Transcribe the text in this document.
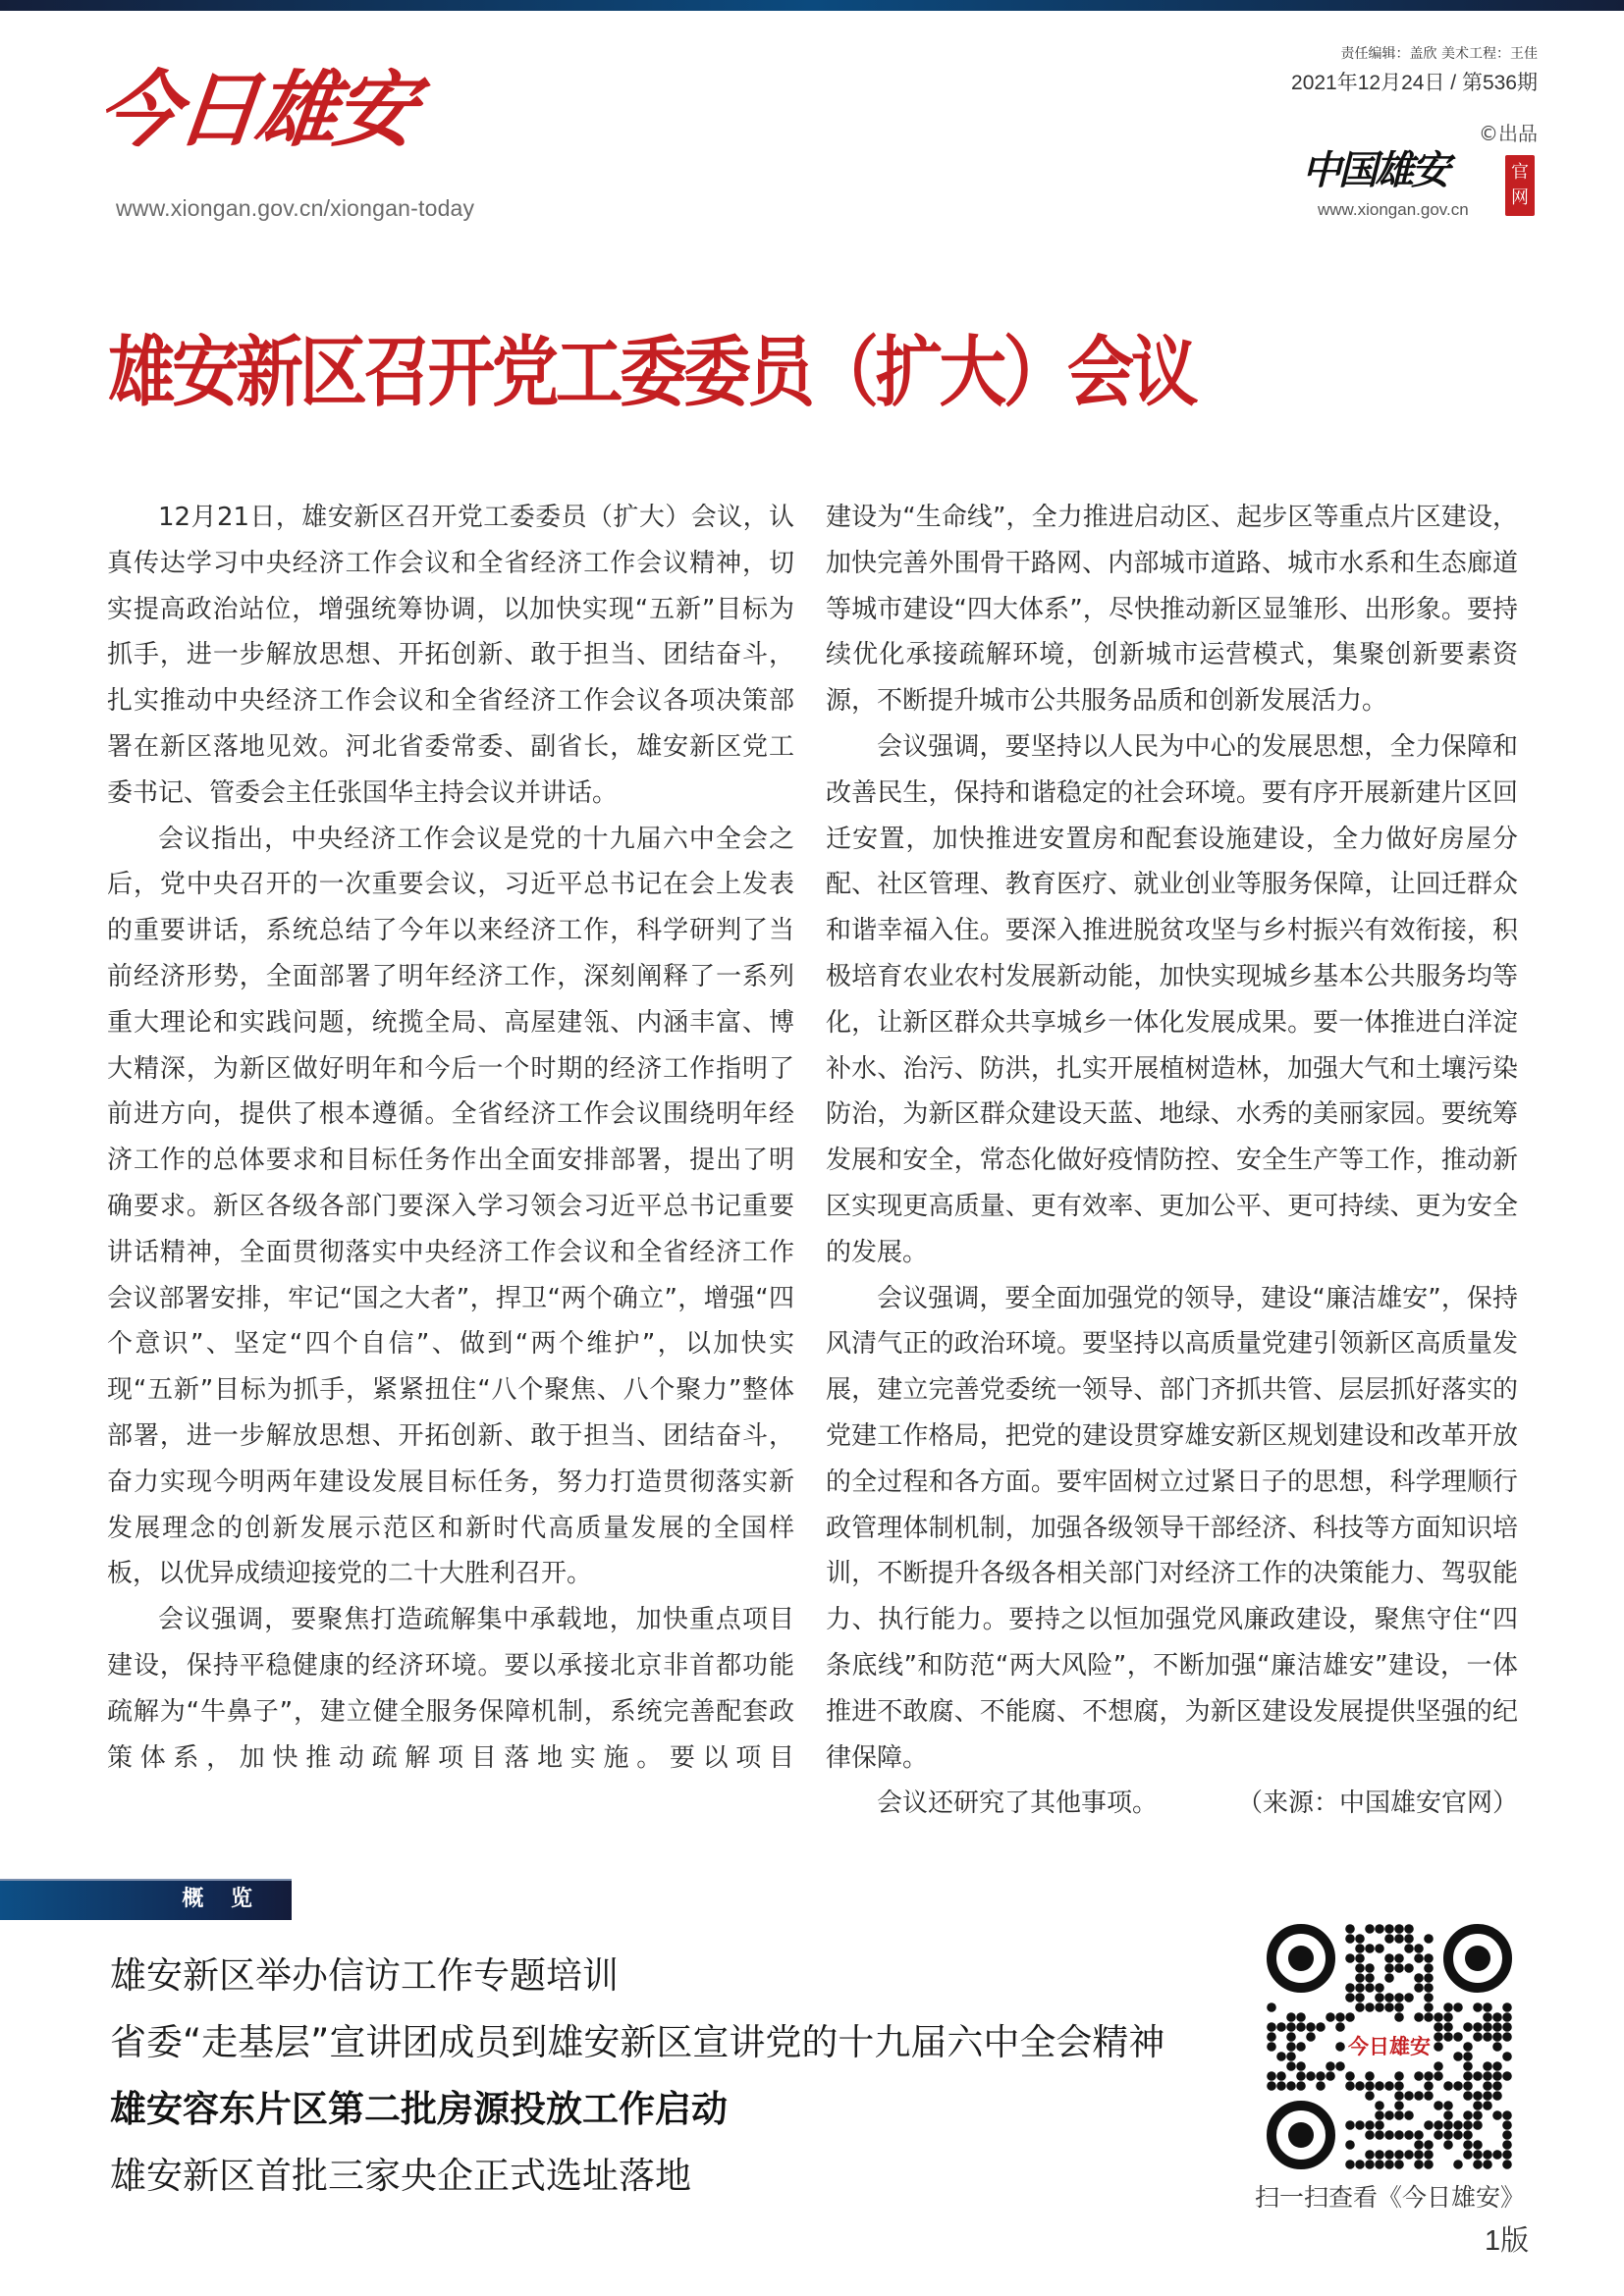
今日雄安
www.xiongan.gov.cn/xiongan-today
责任编辑：盖欣 美术工程：王佳
2021年12月24日 / 第536期
©出品
中国雄安	官
网
www.xiongan.gov.cn
雄安新区召开党工委委员（扩大）会议

12月21日，雄安新区召开党工委委员（扩大）会议，认真传达学习中央经济工作会议和全省经济工作会议精神，切实提高政治站位，增强统筹协调，以加快实现“五新”目标为抓手，进一步解放思想、开拓创新、敢于担当、团结奋斗，扎实推动中央经济工作会议和全省经济工作会议各项决策部署在新区落地见效。河北省委常委、副省长，雄安新区党工委书记、管委会主任张国华主持会议并讲话。

会议指出，中央经济工作会议是党的十九届六中全会之后，党中央召开的一次重要会议，习近平总书记在会上发表的重要讲话，系统总结了今年以来经济工作，科学研判了当前经济形势，全面部署了明年经济工作，深刻阐释了一系列重大理论和实践问题，统揽全局、高屋建瓴、内涵丰富、博大精深，为新区做好明年和今后一个时期的经济工作指明了前进方向，提供了根本遵循。全省经济工作会议围绕明年经济工作的总体要求和目标任务作出全面安排部署，提出了明确要求。新区各级各部门要深入学习领会习近平总书记重要讲话精神，全面贯彻落实中央经济工作会议和全省经济工作会议部署安排，牢记“国之大者”，捍卫“两个确立”，增强“四个意识”、坚定“四个自信”、做到“两个维护”，以加快实现“五新”目标为抓手，紧紧扭住“八个聚焦、八个聚力”整体部署，进一步解放思想、开拓创新、敢于担当、团结奋斗，奋力实现今明两年建设发展目标任务，努力打造贯彻落实新发展理念的创新发展示范区和新时代高质量发展的全国样板，以优异成绩迎接党的二十大胜利召开。

会议强调，要聚焦打造疏解集中承载地，加快重点项目建设，保持平稳健康的经济环境。要以承接北京非首都功能疏解为“牛鼻子”，建立健全服务保障机制，系统完善配套政策体系，加快推动疏解项目落地实施。要以项目

建设为“生命线”，全力推进启动区、起步区等重点片区建设，加快完善外围骨干路网、内部城市道路、城市水系和生态廊道等城市建设“四大体系”，尽快推动新区显雏形、出形象。要持续优化承接疏解环境，创新城市运营模式，集聚创新要素资源，不断提升城市公共服务品质和创新发展活力。

会议强调，要坚持以人民为中心的发展思想，全力保障和改善民生，保持和谐稳定的社会环境。要有序开展新建片区回迁安置，加快推进安置房和配套设施建设，全力做好房屋分配、社区管理、教育医疗、就业创业等服务保障，让回迁群众和谐幸福入住。要深入推进脱贫攻坚与乡村振兴有效衔接，积极培育农业农村发展新动能，加快实现城乡基本公共服务均等化，让新区群众共享城乡一体化发展成果。要一体推进白洋淀补水、治污、防洪，扎实开展植树造林，加强大气和土壤污染防治，为新区群众建设天蓝、地绿、水秀的美丽家园。要统筹发展和安全，常态化做好疫情防控、安全生产等工作，推动新区实现更高质量、更有效率、更加公平、更可持续、更为安全的发展。

会议强调，要全面加强党的领导，建设“廉洁雄安”，保持风清气正的政治环境。要坚持以高质量党建引领新区高质量发展，建立完善党委统一领导、部门齐抓共管、层层抓好落实的党建工作格局，把党的建设贯穿雄安新区规划建设和改革开放的全过程和各方面。要牢固树立过紧日子的思想，科学理顺行政管理体制机制，加强各级领导干部经济、科技等方面知识培训，不断提升各级各相关部门对经济工作的决策能力、驾驭能力、执行能力。要持之以恒加强党风廉政建设，聚焦守住“四条底线”和防范“两大风险”，不断加强“廉洁雄安”建设，一体推进不敢腐、不能腐、不想腐，为新区建设发展提供坚强的纪律保障。

会议还研究了其他事项。	（来源：中国雄安官网）

概 览
雄安新区举办信访工作专题培训
省委“走基层”宣讲团成员到雄安新区宣讲党的十九届六中全会精神
雄安容东片区第二批房源投放工作启动
雄安新区首批三家央企正式选址落地
今日雄安
扫一扫查看《今日雄安》
1版
